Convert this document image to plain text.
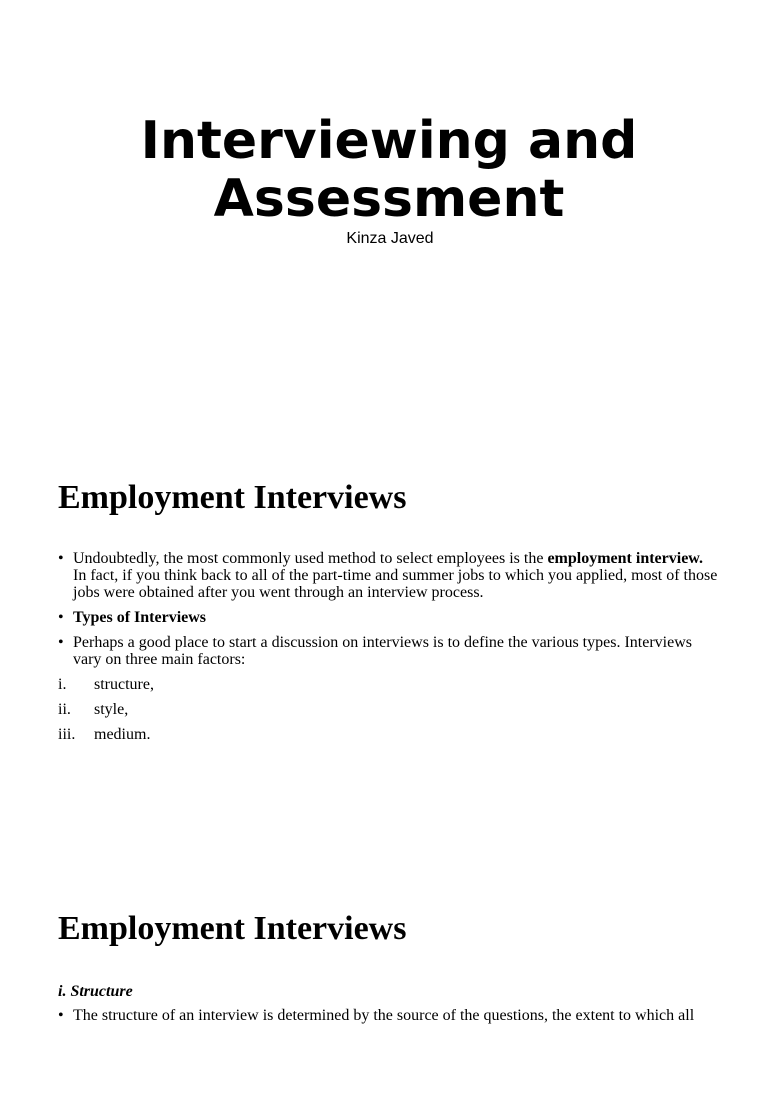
Interviewing and
Assessment
Kinza Javed
Employment Interviews
• Undoubtedly, the most commonly used method to select employees is the employment interview. In fact, if you think back to all of the part-time and summer jobs to which you applied, most of those jobs were obtained after you went through an interview process.
• Types of Interviews
• Perhaps a good place to start a discussion on interviews is to define the various types. Interviews vary on three main factors:
i. structure,
ii. style,
iii. medium.
Employment Interviews
i. Structure
• The structure of an interview is determined by the source of the questions, the extent to which all
